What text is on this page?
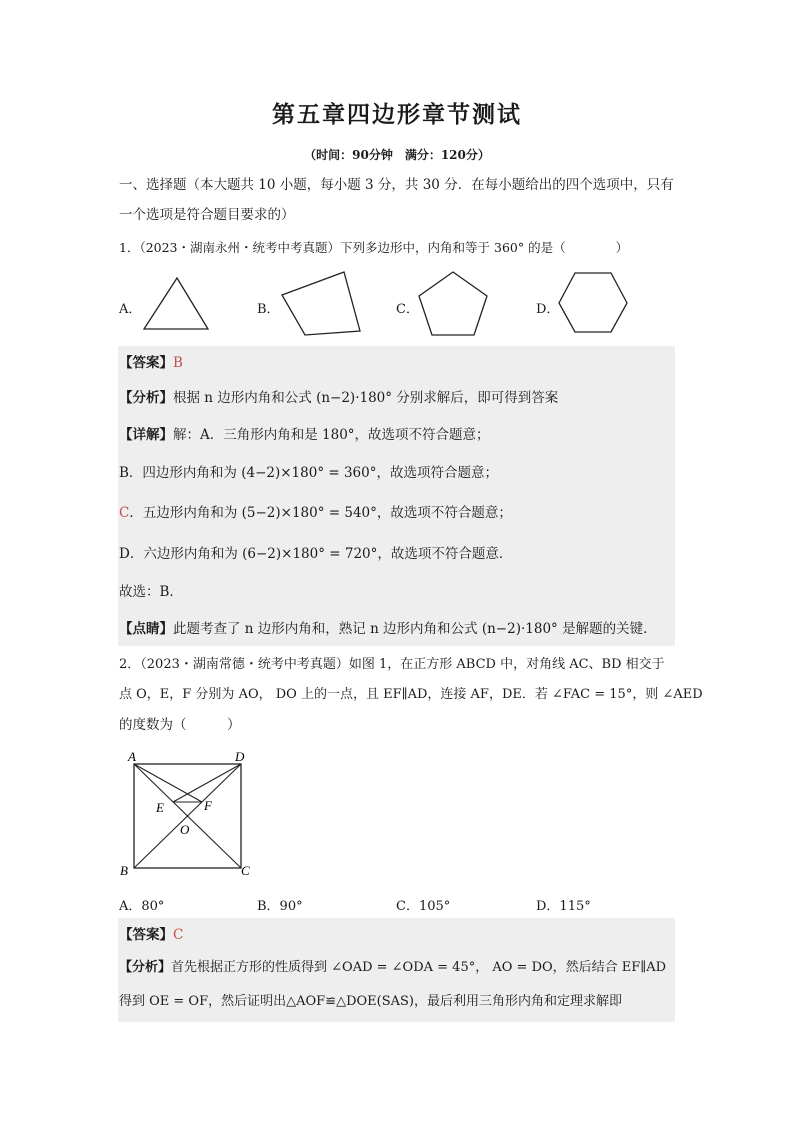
第五章四边形章节测试
（时间：90分钟　满分：120分）
一、选择题（本大题共 10 小题，每小题 3 分，共 30 分．在每小题给出的四个选项中，只有
一个选项是符合题目要求的）
1．（2023・湖南永州・统考中考真题）下列多边形中，内角和等于 360° 的是（　　　　）
A．	B．	C．	D．
【答案】B
【分析】根据 n 边形内角和公式 (n−2)·180° 分别求解后，即可得到答案
【详解】解：A．三角形内角和是 180°，故选项不符合题意；
B．四边形内角和为 (4−2)×180° = 360°，故选项符合题意；
C．五边形内角和为 (5−2)×180° = 540°，故选项不符合题意；
D．六边形内角和为 (6−2)×180° = 720°，故选项不符合题意．
故选：B．
【点睛】此题考查了 n 边形内角和，熟记 n 边形内角和公式 (n−2)·180° 是解题的关键．
2．（2023・湖南常德・统考中考真题）如图 1，在正方形 ABCD 中，对角线 AC、BD 相交于
点 O，E，F 分别为 AO， DO 上的一点，且 EF∥AD，连接 AF，DE．若 ∠FAC = 15°，则 ∠AED
的度数为（　　　）
A	D
B	C
E	F
O
A．80°	B．90°	C．105°	D．115°
【答案】C
【分析】首先根据正方形的性质得到 ∠OAD = ∠ODA = 45°， AO = DO，然后结合 EF∥AD
得到 OE = OF，然后证明出△AOF≌△DOE(SAS)，最后利用三角形内角和定理求解即
